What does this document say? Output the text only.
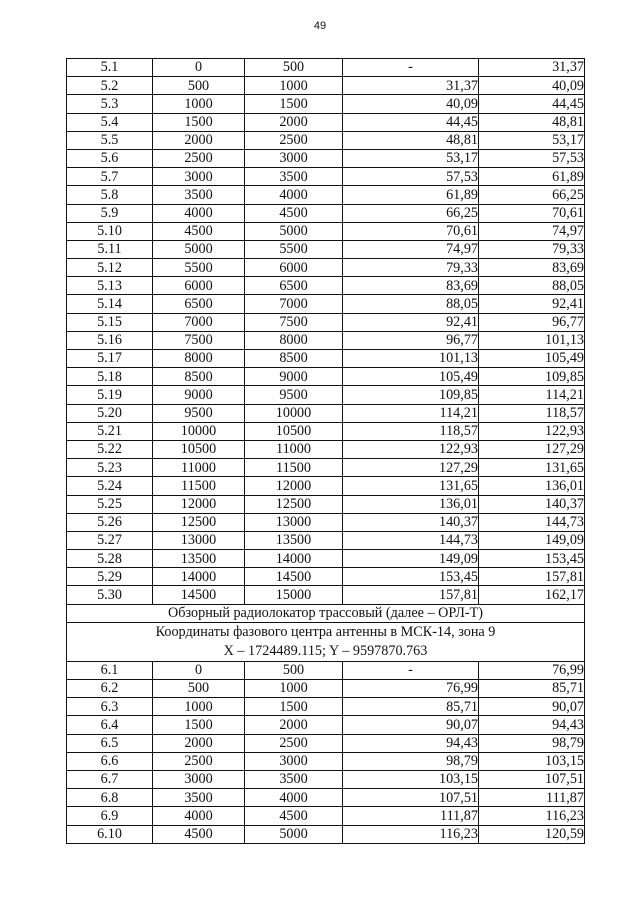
49
5.1	0	500	-	31,37
5.2	500	1000	31,37	40,09
5.3	1000	1500	40,09	44,45
5.4	1500	2000	44,45	48,81
5.5	2000	2500	48,81	53,17
5.6	2500	3000	53,17	57,53
5.7	3000	3500	57,53	61,89
5.8	3500	4000	61,89	66,25
5.9	4000	4500	66,25	70,61
5.10	4500	5000	70,61	74,97
5.11	5000	5500	74,97	79,33
5.12	5500	6000	79,33	83,69
5.13	6000	6500	83,69	88,05
5.14	6500	7000	88,05	92,41
5.15	7000	7500	92,41	96,77
5.16	7500	8000	96,77	101,13
5.17	8000	8500	101,13	105,49
5.18	8500	9000	105,49	109,85
5.19	9000	9500	109,85	114,21
5.20	9500	10000	114,21	118,57
5.21	10000	10500	118,57	122,93
5.22	10500	11000	122,93	127,29
5.23	11000	11500	127,29	131,65
5.24	11500	12000	131,65	136,01
5.25	12000	12500	136,01	140,37
5.26	12500	13000	140,37	144,73
5.27	13000	13500	144,73	149,09
5.28	13500	14000	149,09	153,45
5.29	14000	14500	153,45	157,81
5.30	14500	15000	157,81	162,17
Обзорный радиолокатор трассовый (далее – ОРЛ-Т)				
Координаты фазового центра антенны в МСК-14, зона 9
X – 1724489.115; Y – 9597870.763				
6.1	0	500	-	76,99
6.2	500	1000	76,99	85,71
6.3	1000	1500	85,71	90,07
6.4	1500	2000	90,07	94,43
6.5	2000	2500	94,43	98,79
6.6	2500	3000	98,79	103,15
6.7	3000	3500	103,15	107,51
6.8	3500	4000	107,51	111,87
6.9	4000	4500	111,87	116,23
6.10	4500	5000	116,23	120,59
